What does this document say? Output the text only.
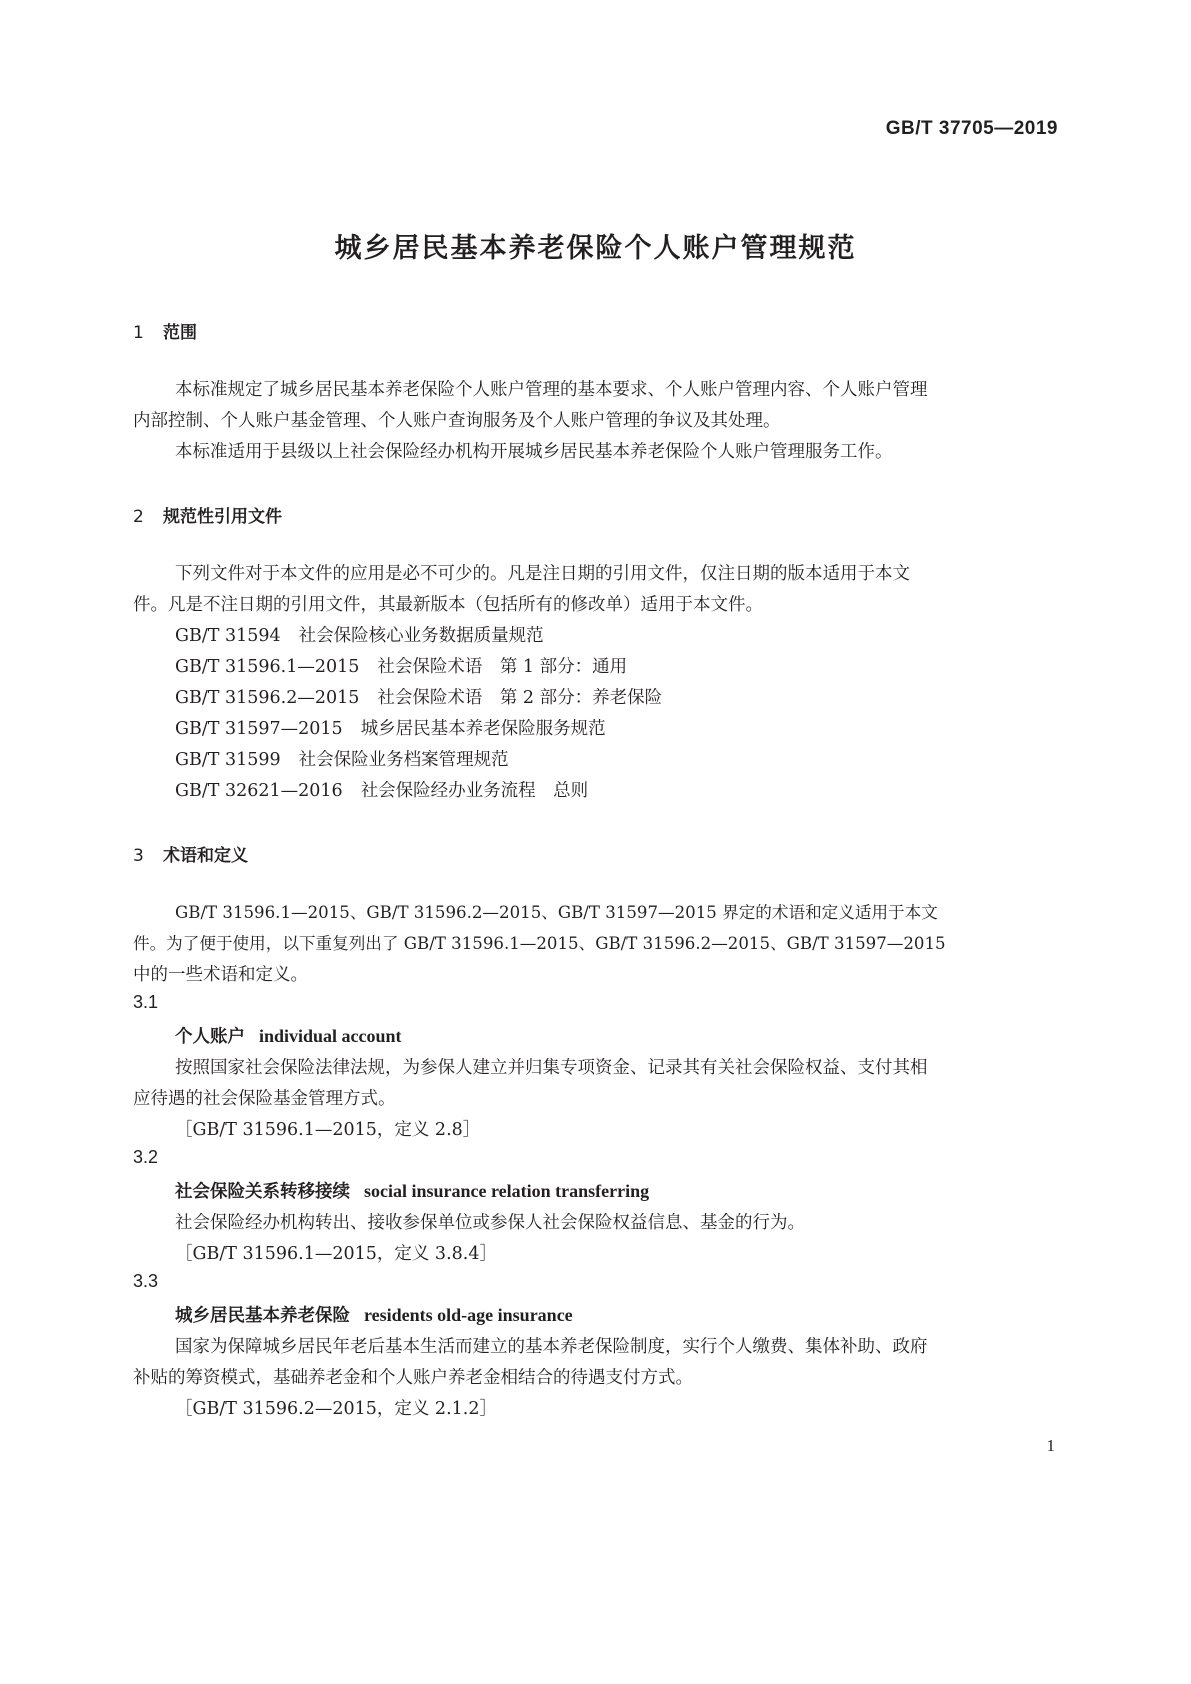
GB/T 37705—2019
城乡居民基本养老保险个人账户管理规范
1 范围
本标准规定了城乡居民基本养老保险个人账户管理的基本要求、个人账户管理内容、个人账户管理
内部控制、个人账户基金管理、个人账户查询服务及个人账户管理的争议及其处理。
本标准适用于县级以上社会保险经办机构开展城乡居民基本养老保险个人账户管理服务工作。
2 规范性引用文件
下列文件对于本文件的应用是必不可少的。凡是注日期的引用文件，仅注日期的版本适用于本文
件。凡是不注日期的引用文件，其最新版本（包括所有的修改单）适用于本文件。
GB/T 31594 社会保险核心业务数据质量规范
GB/T 31596.1—2015 社会保险术语　第 1 部分：通用
GB/T 31596.2—2015 社会保险术语　第 2 部分：养老保险
GB/T 31597—2015 城乡居民基本养老保险服务规范
GB/T 31599 社会保险业务档案管理规范
GB/T 32621—2016 社会保险经办业务流程　总则
3 术语和定义
GB/T 31596.1—2015、GB/T 31596.2—2015、GB/T 31597—2015 界定的术语和定义适用于本文
件。为了便于使用，以下重复列出了 GB/T 31596.1—2015、GB/T 31596.2—2015、GB/T 31597—2015
中的一些术语和定义。
3.1
个人账户 individual account
按照国家社会保险法律法规，为参保人建立并归集专项资金、记录其有关社会保险权益、支付其相
应待遇的社会保险基金管理方式。
［GB/T 31596.1—2015，定义 2.8］
3.2
社会保险关系转移接续 social insurance relation transferring
社会保险经办机构转出、接收参保单位或参保人社会保险权益信息、基金的行为。
［GB/T 31596.1—2015，定义 3.8.4］
3.3
城乡居民基本养老保险 residents old-age insurance
国家为保障城乡居民年老后基本生活而建立的基本养老保险制度，实行个人缴费、集体补助、政府
补贴的筹资模式，基础养老金和个人账户养老金相结合的待遇支付方式。
［GB/T 31596.2—2015，定义 2.1.2］
1
